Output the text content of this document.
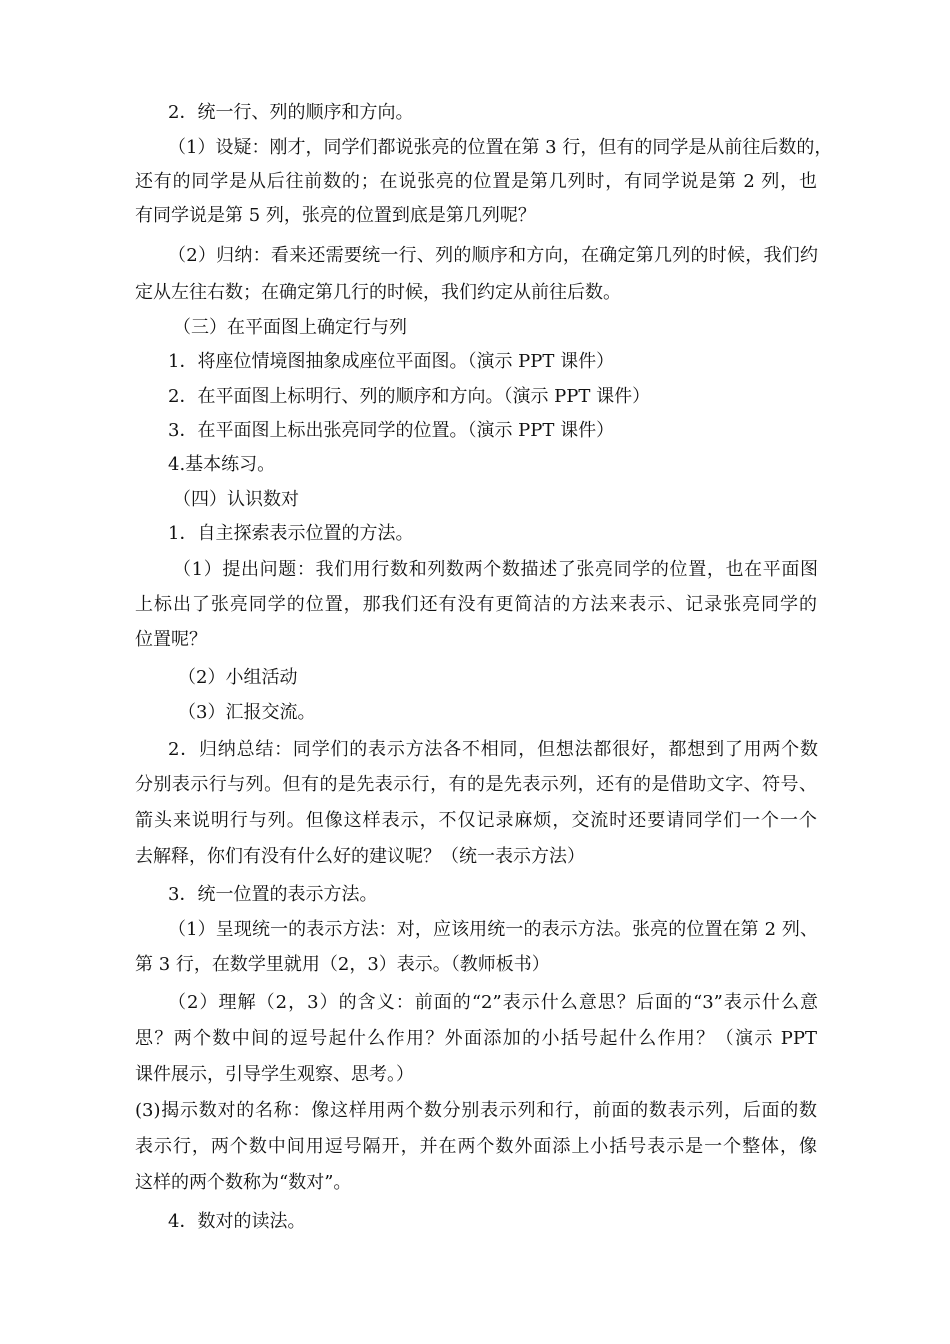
2．统一行、列的顺序和方向。
（1）设疑：刚才，同学们都说张亮的位置在第 3 行，但有的同学是从前往后数的，
还有的同学是从后往前数的；在说张亮的位置是第几列时，有同学说是第 2 列，也
有同学说是第 5 列，张亮的位置到底是第几列呢？
（2）归纳：看来还需要统一行、列的顺序和方向，在确定第几列的时候，我们约
定从左往右数；在确定第几行的时候，我们约定从前往后数。
（三）在平面图上确定行与列
1．将座位情境图抽象成座位平面图。（演示 PPT 课件）
2．在平面图上标明行、列的顺序和方向。（演示 PPT 课件）
3．在平面图上标出张亮同学的位置。（演示 PPT 课件）
4.基本练习。
（四）认识数对
1．自主探索表示位置的方法。
（1）提出问题：我们用行数和列数两个数描述了张亮同学的位置，也在平面图
上标出了张亮同学的位置，那我们还有没有更简洁的方法来表示、记录张亮同学的
位置呢？
（2）小组活动
（3）汇报交流。
2．归纳总结：同学们的表示方法各不相同，但想法都很好，都想到了用两个数
分别表示行与列。但有的是先表示行，有的是先表示列，还有的是借助文字、符号、
箭头来说明行与列。但像这样表示，不仅记录麻烦，交流时还要请同学们一个一个
去解释，你们有没有什么好的建议呢？（统一表示方法）
3．统一位置的表示方法。
（1）呈现统一的表示方法：对，应该用统一的表示方法。张亮的位置在第 2 列、
第 3 行，在数学里就用（2，3）表示。（教师板书）
（2）理解（2，3）的含义：前面的“2”表示什么意思？后面的“3”表示什么意
思？两个数中间的逗号起什么作用？外面添加的小括号起什么作用？（演示 PPT
课件展示，引导学生观察、思考。）
(3)揭示数对的名称：像这样用两个数分别表示列和行，前面的数表示列，后面的数
表示行，两个数中间用逗号隔开，并在两个数外面添上小括号表示是一个整体，像
这样的两个数称为“数对”。
4．数对的读法。
